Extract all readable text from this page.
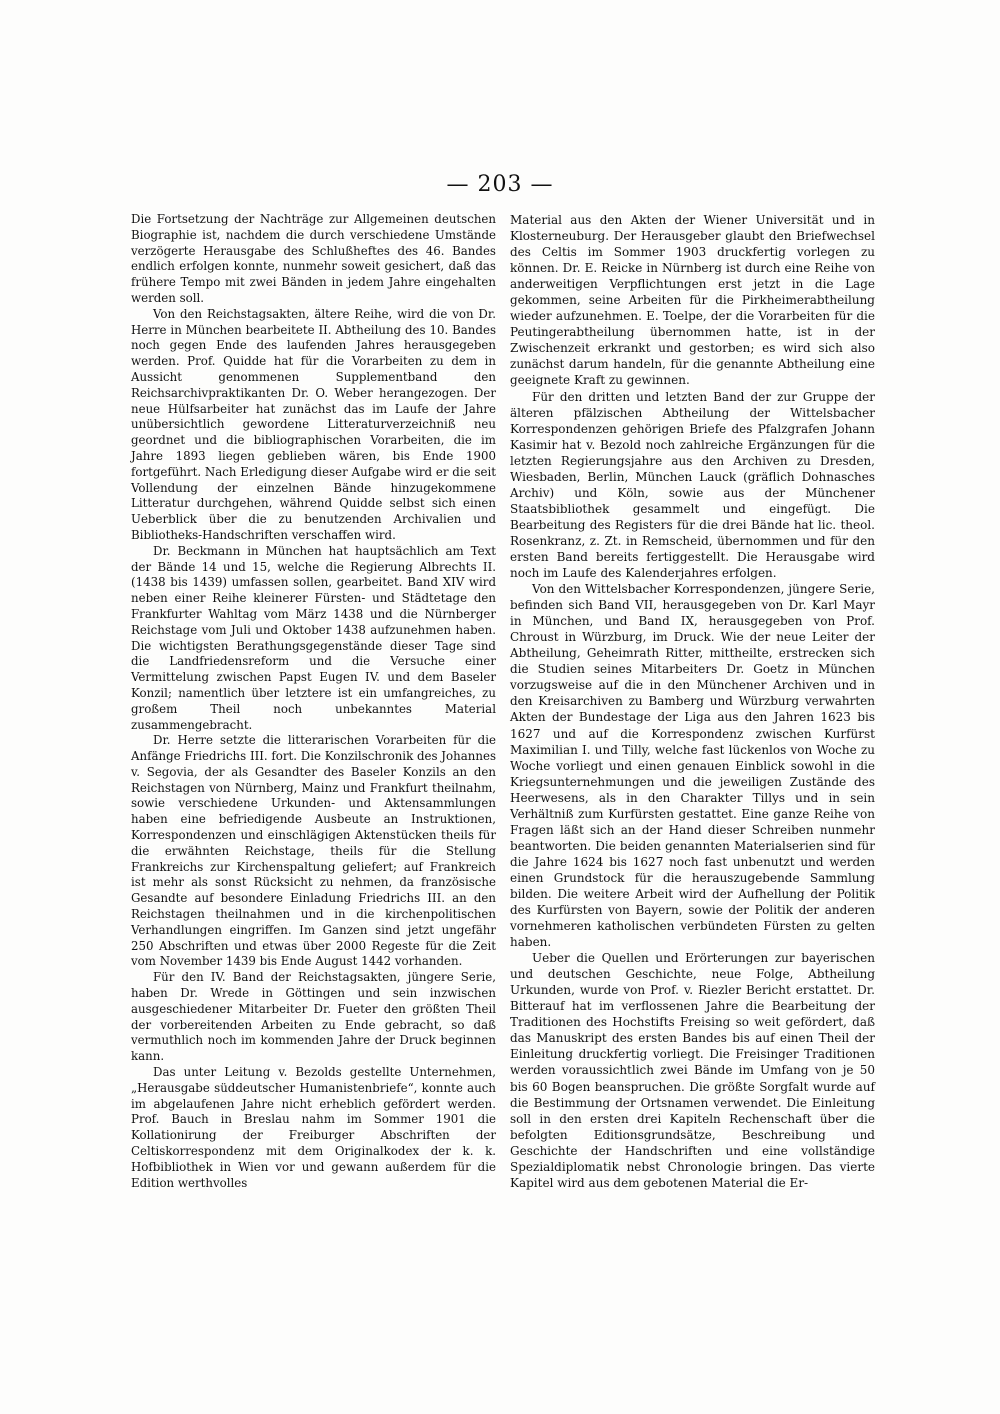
— 203 —

Die Fortsetzung der Nachträge zur Allgemeinen deutschen Biographie ist, nachdem die durch verschiedene Umstände verzögerte Herausgabe des Schlußheftes des 46. Bandes endlich erfolgen konnte, nunmehr soweit gesichert, daß das frühere Tempo mit zwei Bänden in jedem Jahre eingehalten werden soll.

Von den Reichstagsakten, ältere Reihe, wird die von Dr. Herre in München bearbeitete II. Abtheilung des 10. Bandes noch gegen Ende des laufenden Jahres herausgegeben werden. Prof. Quidde hat für die Vorarbeiten zu dem in Aussicht genommenen Supplementband den Reichsarchivpraktikanten Dr. O. Weber herangezogen. Der neue Hülfsarbeiter hat zunächst das im Laufe der Jahre unübersichtlich gewordene Litteraturverzeichniß neu geordnet und die bibliographischen Vorarbeiten, die im Jahre 1893 liegen geblieben wären, bis Ende 1900 fortgeführt. Nach Erledigung dieser Aufgabe wird er die seit Vollendung der einzelnen Bände hinzugekommene Litteratur durchgehen, während Quidde selbst sich einen Ueberblick über die zu benutzenden Archivalien und Bibliotheks-Handschriften verschaffen wird.

Dr. Beckmann in München hat hauptsächlich am Text der Bände 14 und 15, welche die Regierung Albrechts II. (1438 bis 1439) umfassen sollen, gearbeitet. Band XIV wird neben einer Reihe kleinerer Fürsten- und Städtetage den Frankfurter Wahltag vom März 1438 und die Nürnberger Reichstage vom Juli und Oktober 1438 aufzunehmen haben. Die wichtigsten Berathungsgegenstände dieser Tage sind die Landfriedensreform und die Versuche einer Vermittelung zwischen Papst Eugen IV. und dem Baseler Konzil; namentlich über letztere ist ein umfangreiches, zu großem Theil noch unbekanntes Material zusammengebracht.

Dr. Herre setzte die litterarischen Vorarbeiten für die Anfänge Friedrichs III. fort. Die Konzilschronik des Johannes v. Segovia, der als Gesandter des Baseler Konzils an den Reichstagen von Nürnberg, Mainz und Frankfurt theilnahm, sowie verschiedene Urkunden- und Aktensammlungen haben eine befriedigende Ausbeute an Instruktionen, Korrespondenzen und einschlägigen Aktenstücken theils für die erwähnten Reichstage, theils für die Stellung Frankreichs zur Kirchenspaltung geliefert; auf Frankreich ist mehr als sonst Rücksicht zu nehmen, da französische Gesandte auf besondere Einladung Friedrichs III. an den Reichstagen theilnahmen und in die kirchenpolitischen Verhandlungen eingriffen. Im Ganzen sind jetzt ungefähr 250 Abschriften und etwas über 2000 Regeste für die Zeit vom November 1439 bis Ende August 1442 vorhanden.

Für den IV. Band der Reichstagsakten, jüngere Serie, haben Dr. Wrede in Göttingen und sein inzwischen ausgeschiedener Mitarbeiter Dr. Fueter den größten Theil der vorbereitenden Arbeiten zu Ende gebracht, so daß vermuthlich noch im kommenden Jahre der Druck beginnen kann.

Das unter Leitung v. Bezolds gestellte Unternehmen, „Herausgabe süddeutscher Humanistenbriefe“, konnte auch im abgelaufenen Jahre nicht erheblich gefördert werden. Prof. Bauch in Breslau nahm im Sommer 1901 die Kollationirung der Freiburger Abschriften der Celtiskorrespondenz mit dem Originalkodex der k. k. Hofbibliothek in Wien vor und gewann außerdem für die Edition werthvolles

Material aus den Akten der Wiener Universität und in Klosterneuburg. Der Herausgeber glaubt den Briefwechsel des Celtis im Sommer 1903 druckfertig vorlegen zu können. Dr. E. Reicke in Nürnberg ist durch eine Reihe von anderweitigen Verpflichtungen erst jetzt in die Lage gekommen, seine Arbeiten für die Pirkheimerabtheilung wieder aufzunehmen. E. Toelpe, der die Vorarbeiten für die Peutingerabtheilung übernommen hatte, ist in der Zwischenzeit erkrankt und gestorben; es wird sich also zunächst darum handeln, für die genannte Abtheilung eine geeignete Kraft zu gewinnen.

Für den dritten und letzten Band der zur Gruppe der älteren pfälzischen Abtheilung der Wittelsbacher Korrespondenzen gehörigen Briefe des Pfalzgrafen Johann Kasimir hat v. Bezold noch zahlreiche Ergänzungen für die letzten Regierungsjahre aus den Archiven zu Dresden, Wiesbaden, Berlin, München Lauck (gräflich Dohnasches Archiv) und Köln, sowie aus der Münchener Staatsbibliothek gesammelt und eingefügt. Die Bearbeitung des Registers für die drei Bände hat lic. theol. Rosenkranz, z. Zt. in Remscheid, übernommen und für den ersten Band bereits fertiggestellt. Die Herausgabe wird noch im Laufe des Kalenderjahres erfolgen.

Von den Wittelsbacher Korrespondenzen, jüngere Serie, befinden sich Band VII, herausgegeben von Dr. Karl Mayr in München, und Band IX, herausgegeben von Prof. Chroust in Würzburg, im Druck. Wie der neue Leiter der Abtheilung, Geheimrath Ritter, mittheilte, erstrecken sich die Studien seines Mitarbeiters Dr. Goetz in München vorzugsweise auf die in den Münchener Archiven und in den Kreisarchiven zu Bamberg und Würzburg verwahrten Akten der Bundestage der Liga aus den Jahren 1623 bis 1627 und auf die Korrespondenz zwischen Kurfürst Maximilian I. und Tilly, welche fast lückenlos von Woche zu Woche vorliegt und einen genauen Einblick sowohl in die Kriegsunternehmungen und die jeweiligen Zustände des Heerwesens, als in den Charakter Tillys und in sein Verhältniß zum Kurfürsten gestattet. Eine ganze Reihe von Fragen läßt sich an der Hand dieser Schreiben nunmehr beantworten. Die beiden genannten Materialserien sind für die Jahre 1624 bis 1627 noch fast unbenutzt und werden einen Grundstock für die herauszugebende Sammlung bilden. Die weitere Arbeit wird der Aufhellung der Politik des Kurfürsten von Bayern, sowie der Politik der anderen vornehmeren katholischen verbündeten Fürsten zu gelten haben.

Ueber die Quellen und Erörterungen zur bayerischen und deutschen Geschichte, neue Folge, Abtheilung Urkunden, wurde von Prof. v. Riezler Bericht erstattet. Dr. Bitterauf hat im verflossenen Jahre die Bearbeitung der Traditionen des Hochstifts Freising so weit gefördert, daß das Manuskript des ersten Bandes bis auf einen Theil der Einleitung druckfertig vorliegt. Die Freisinger Traditionen werden voraussichtlich zwei Bände im Umfang von je 50 bis 60 Bogen beanspruchen. Die größte Sorgfalt wurde auf die Bestimmung der Ortsnamen verwendet. Die Einleitung soll in den ersten drei Kapiteln Rechenschaft über die befolgten Editionsgrundsätze, Beschreibung und Geschichte der Handschriften und eine vollständige Spezialdiplomatik nebst Chronologie bringen. Das vierte Kapitel wird aus dem gebotenen Material die Er-
